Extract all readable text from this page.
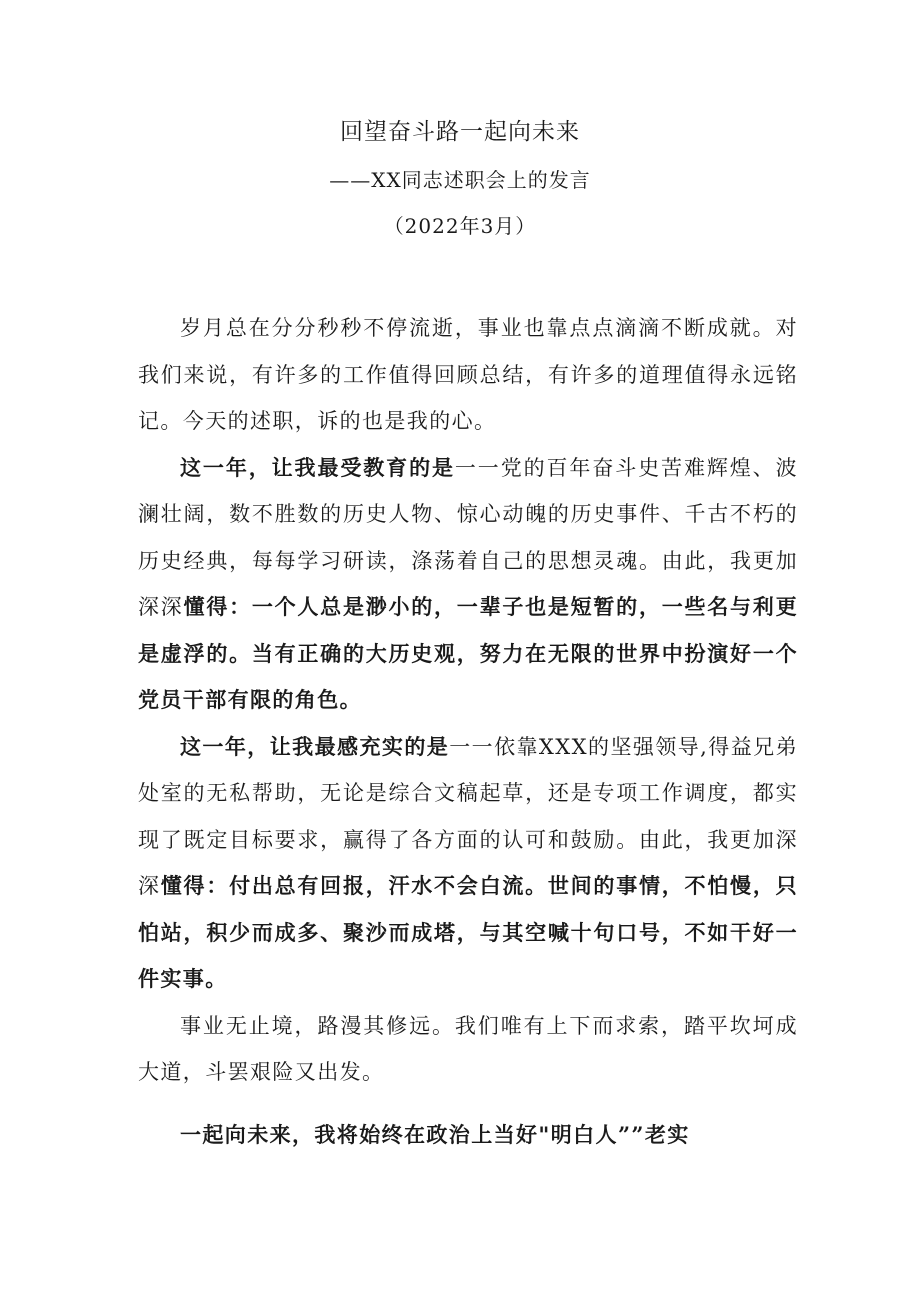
回望奋斗路一起向未来
——XX同志述职会上的发言
（2022年3月）

岁月总在分分秒秒不停流逝，事业也靠点点滴滴不断成就。对我们来说，有许多的工作值得回顾总结，有许多的道理值得永远铭记。今天的述职，诉的也是我的心。

这一年，让我最受教育的是一一党的百年奋斗史苦难辉煌、波澜壮阔，数不胜数的历史人物、惊心动魄的历史事件、千古不朽的历史经典，每每学习研读，涤荡着自己的思想灵魂。由此，我更加深深懂得：一个人总是渺小的，一辈子也是短暂的，一些名与利更是虚浮的。当有正确的大历史观，努力在无限的世界中扮演好一个党员干部有限的角色。

这一年，让我最感充实的是一一依靠XXX的坚强领导,得益兄弟处室的无私帮助，无论是综合文稿起草，还是专项工作调度，都实现了既定目标要求，赢得了各方面的认可和鼓励。由此，我更加深深懂得：付出总有回报，汗水不会白流。世间的事情，不怕慢，只怕站，积少而成多、聚沙而成塔，与其空喊十句口号，不如干好一件实事。

事业无止境，路漫其修远。我们唯有上下而求索，踏平坎坷成大道，斗罢艰险又出发。

一起向未来，我将始终在政治上当好"明白人””老实
